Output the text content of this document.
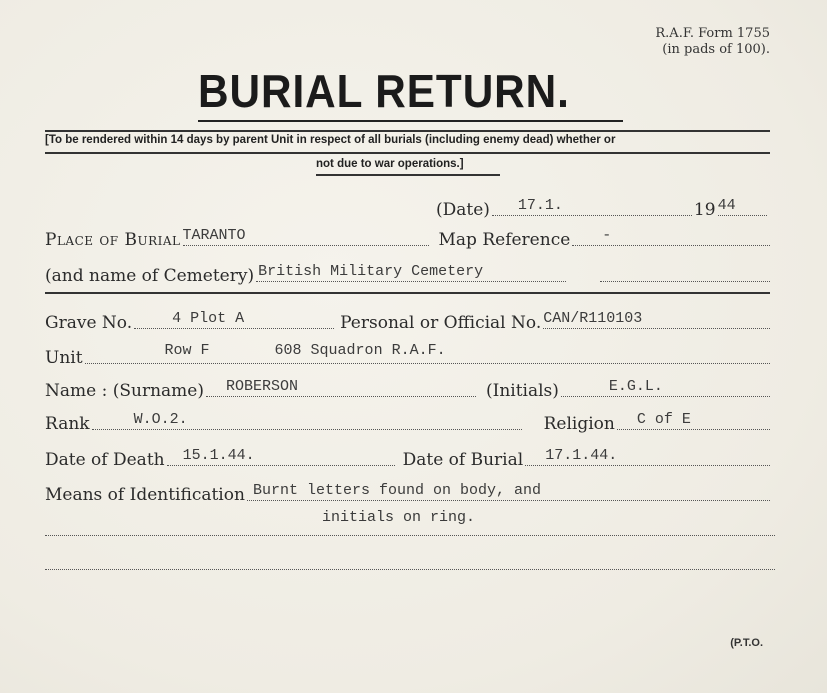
R.A.F. Form 1755
(in pads of 100).
BURIAL RETURN.
[To be rendered within 14 days by parent Unit in respect of all burials (including enemy dead) whether or
not due to war operations.]
(Date) 17.1.	19 44
Place of Burial TARANTO	Map Reference -
(and name of Cemetery) British Military Cemetery
Grave No.	4 Plot A	Personal or Official No. CAN/R110103
Unit	Row F	608 Squadron R.A.F.
Name : (Surname) ROBERSON	(Initials)	E.G.L.
Rank	W.O.2.	Religion C of E
Date of Death 15.1.44.	Date of Burial 17.1.44.
Means of Identification Burnt letters found on body, and
initials on ring.
(P.T.O.
